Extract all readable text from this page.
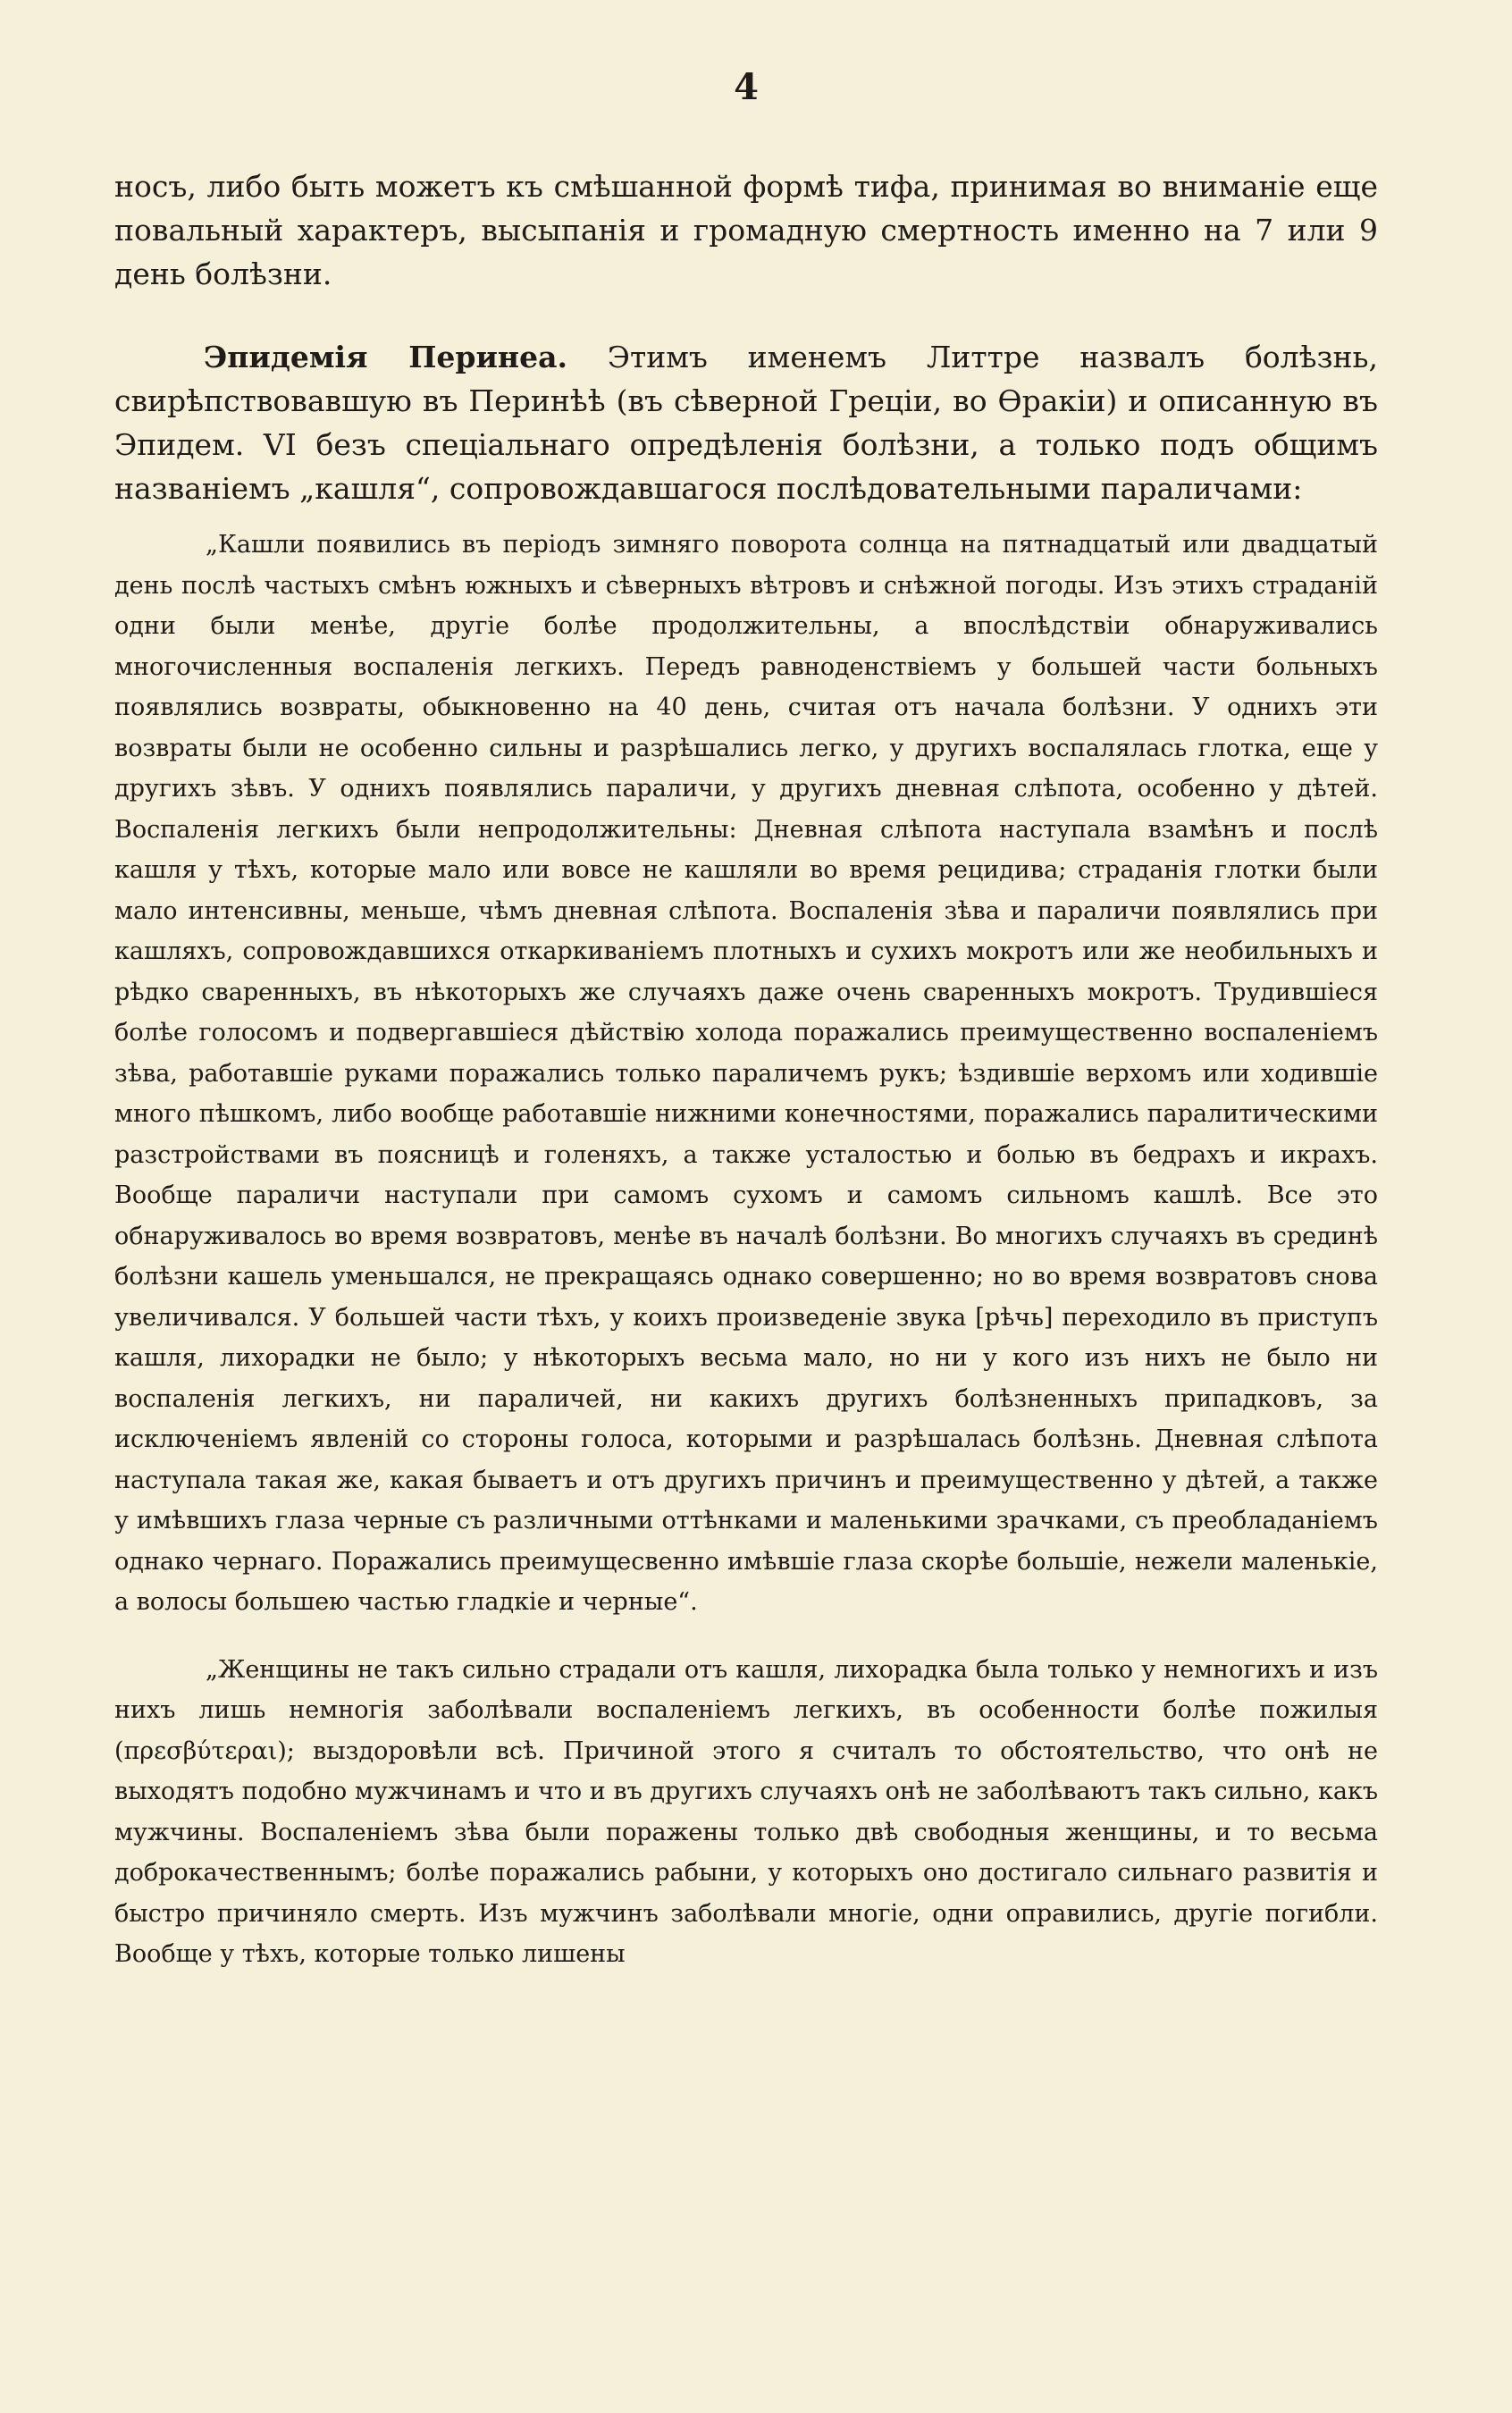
4

носъ, либо быть можетъ къ смѣшанной формѣ тифа, принимая во вниманіе еще повальный характеръ, высыпанія и громадную смертность именно на 7 или 9 день болѣзни.

Эпидемія Перинеа. Этимъ именемъ Литтре назвалъ болѣзнь, свирѣпствовавшую въ Перинѣѣ (въ сѣверной Греціи, во Ѳракіи) и описанную въ Эпидем. VI безъ спеціальнаго опредѣленія болѣзни, а только подъ общимъ названіемъ „кашля“, сопровождавшагося послѣдовательными параличами:

„Кашли появились въ періодъ зимняго поворота солнца на пятнадцатый или двадцатый день послѣ частыхъ смѣнъ южныхъ и сѣверныхъ вѣтровъ и снѣжной погоды. Изъ этихъ страданій одни были менѣе, другіе болѣе продолжительны, а впослѣдствіи обнаруживались многочисленныя воспаленія легкихъ. Передъ равноденствіемъ у большей части больныхъ появлялись возвраты, обыкновенно на 40 день, считая отъ начала болѣзни. У однихъ эти возвраты были не особенно сильны и разрѣшались легко, у другихъ воспалялась глотка, еще у другихъ зѣвъ. У однихъ появлялись параличи, у другихъ дневная слѣпота, особенно у дѣтей. Воспаленія легкихъ были непродолжительны: Дневная слѣпота наступала взамѣнъ и послѣ кашля у тѣхъ, которые мало или вовсе не кашляли во время рецидива; страданія глотки были мало интенсивны, меньше, чѣмъ дневная слѣпота. Воспаленія зѣва и параличи появлялись при кашляхъ, сопровождавшихся откаркиваніемъ плотныхъ и сухихъ мокротъ или же необильныхъ и рѣдко свaренныхъ, въ нѣкоторыхъ же случаяхъ даже очень сваренныхъ мокротъ. Трудившіеся болѣе голосомъ и подвергавшіеся дѣйствію холода поражались преимущественно воспаленіемъ зѣва, работавшіе руками поражались только параличемъ рукъ; ѣздившіе верхомъ или ходившіе много пѣшкомъ, либо вообще работавшіе нижними конечностями, поражались паралитическими разстройствами въ поясницѣ и голеняхъ, а также усталостью и болью въ бедрахъ и икрахъ. Вообще параличи наступали при самомъ сухомъ и самомъ сильномъ кашлѣ. Все это обнаруживалось во время возвратовъ, менѣе въ началѣ болѣзни. Во многихъ случаяхъ въ срединѣ болѣзни кашель уменьшался, не прекращаясь однако совершенно; но во время возвратовъ снова увеличивался. У большей части тѣхъ, у коихъ произведеніе звука [рѣчь] переходило въ приступъ кашля, лихорадки не было; у нѣкоторыхъ весьма мало, но ни у кого изъ нихъ не было ни воспаленія легкихъ, ни параличей, ни какихъ другихъ болѣзненныхъ припадковъ, за исключеніемъ явленій со стороны голоса, которыми и разрѣшалась болѣзнь. Дневная слѣпота наступала такая же, какая бываетъ и отъ другихъ причинъ и преимущественно у дѣтей, а также у имѣвшихъ глаза черные съ различными оттѣнками и маленькими зрачками, съ преобладаніемъ однако чернаго. Поражались преимущесвенно имѣвшіе глаза скорѣе большіе, нежели маленькіе, а волосы большею частью гладкіе и черные“.

„Женщины не такъ сильно страдали отъ кашля, лихорадка была только у немногихъ и изъ нихъ лишь немногія заболѣвали воспаленіемъ легкихъ, въ особенности болѣе пожилыя (πρεσβύτεραι); выздоровѣли всѣ. Причиной этого я считалъ то обстоятельство, что онѣ не выходятъ подобно мужчинамъ и что и въ другихъ случаяхъ онѣ не заболѣваютъ такъ сильно, какъ мужчины. Воспаленіемъ зѣва были поражены только двѣ свободныя женщины, и то весьма доброкачественнымъ; болѣе поражались рабыни, у которыхъ оно достигало сильнаго развитія и быстро причиняло смерть. Изъ мужчинъ заболѣвали многіе, одни оправились, другіе погибли. Вообще у тѣхъ, которые только лишены
